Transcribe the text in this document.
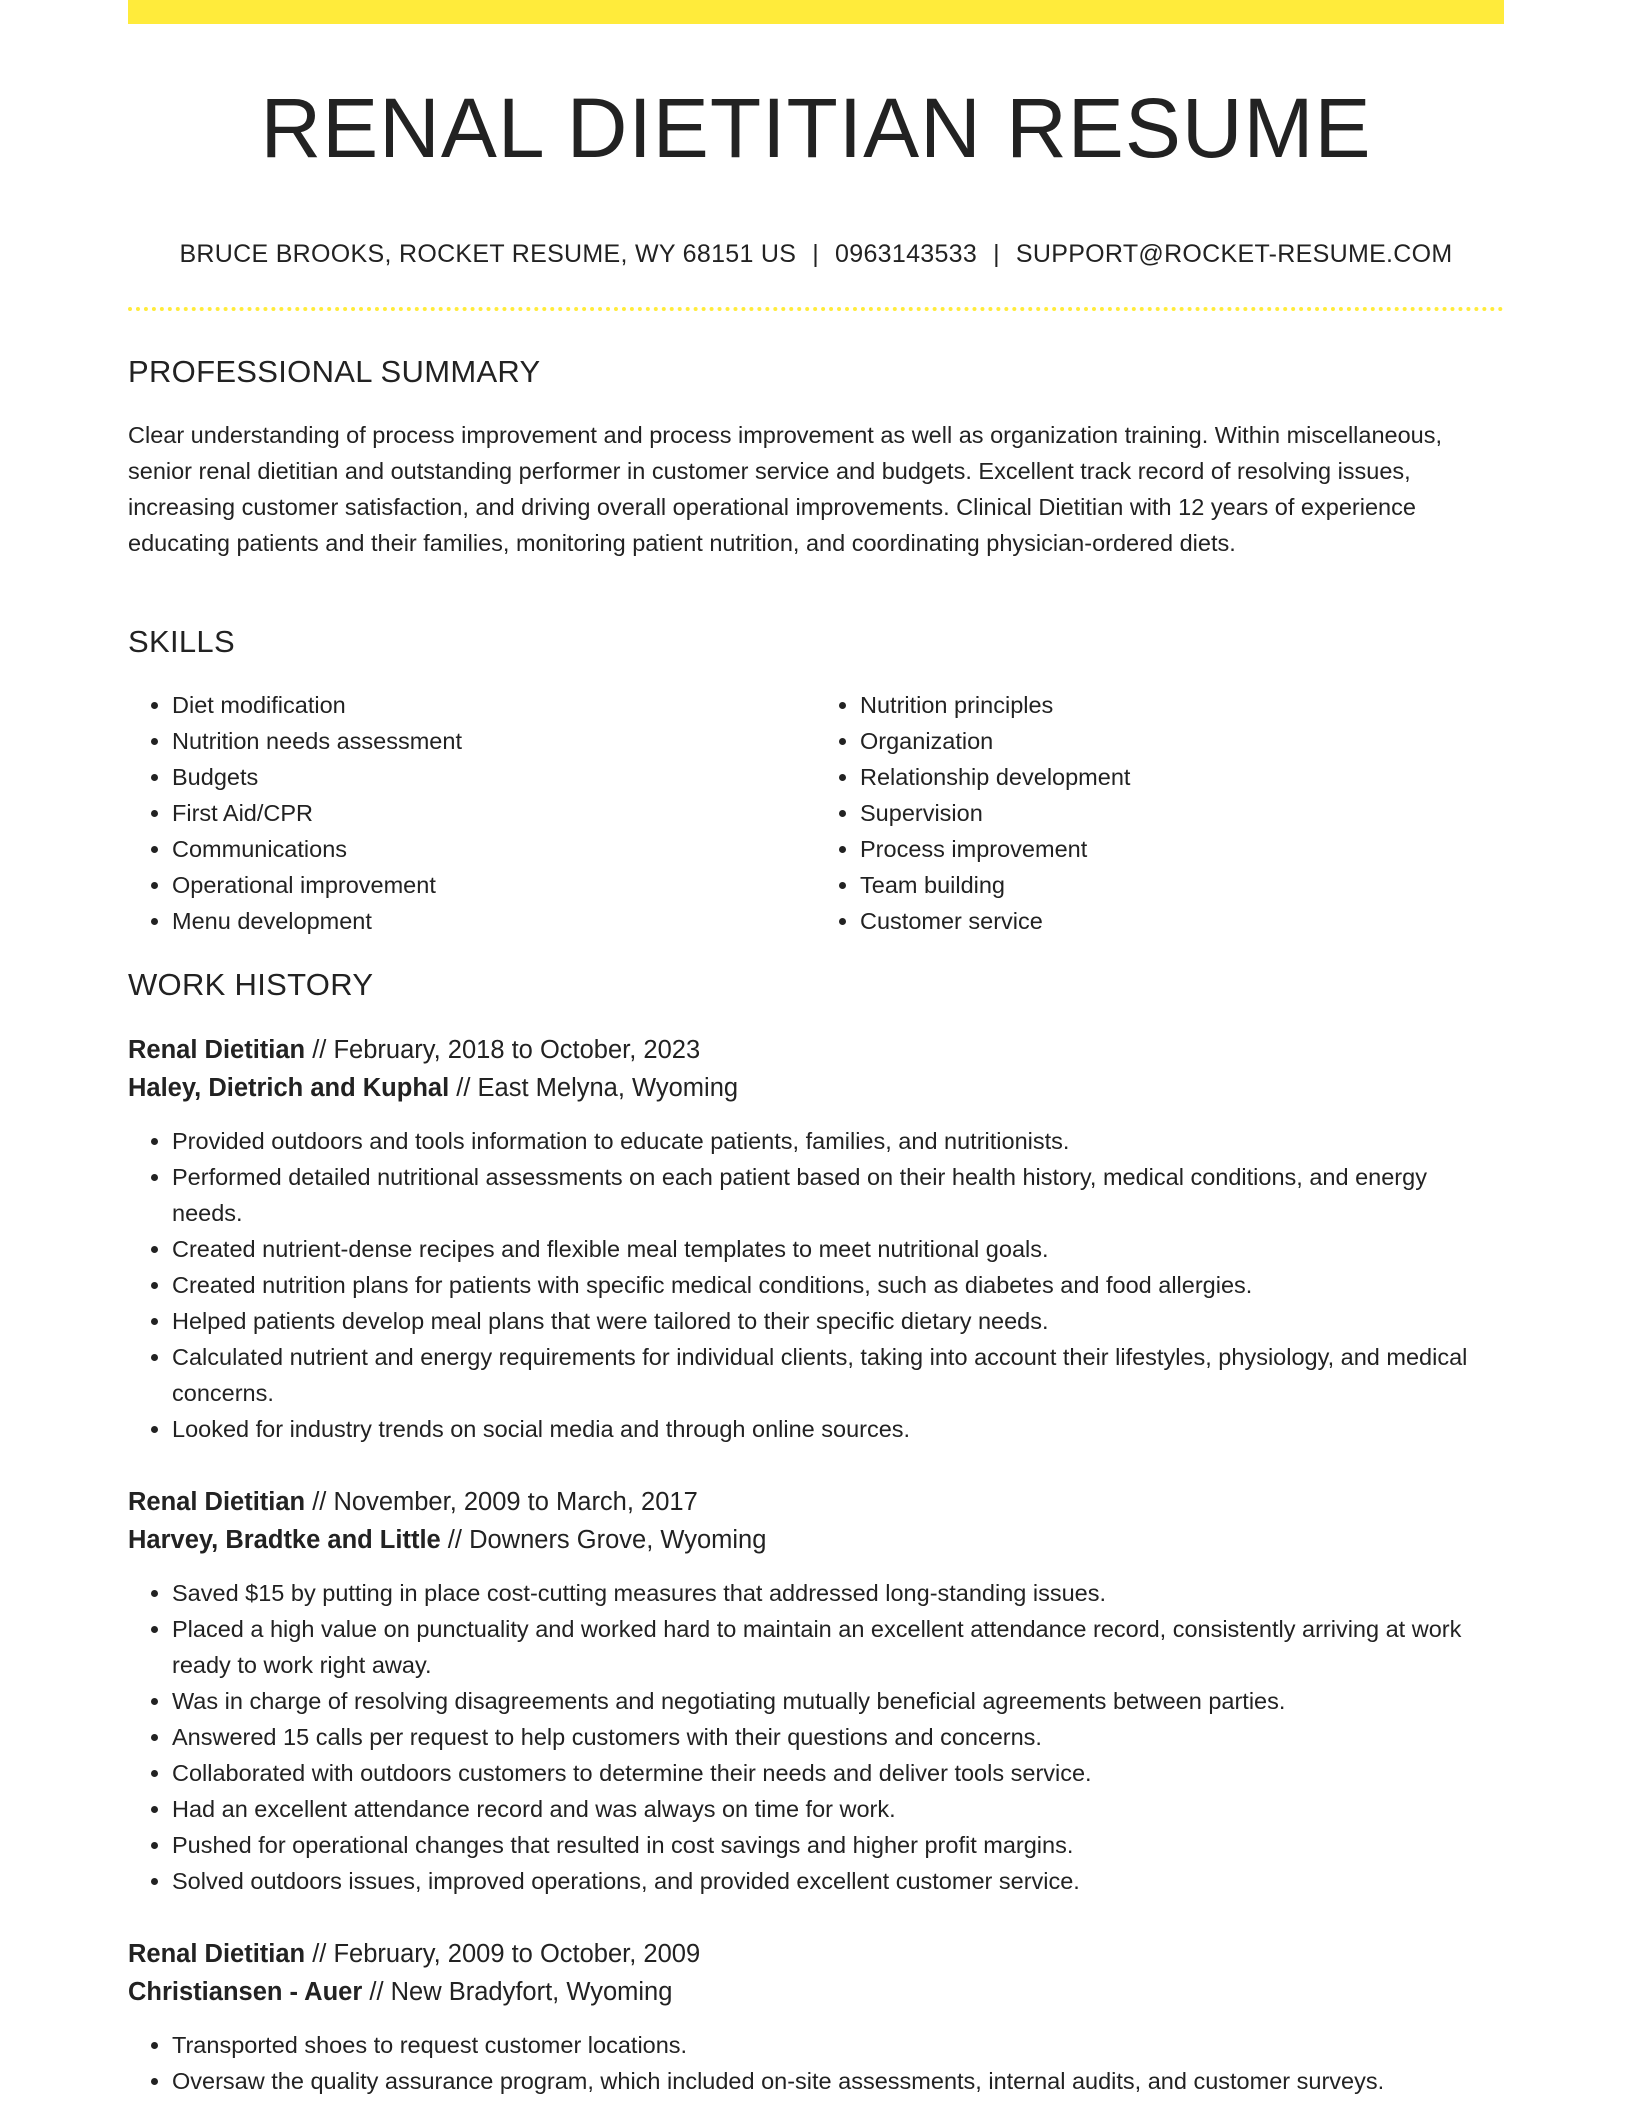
RENAL DIETITIAN RESUME
BRUCE BROOKS, ROCKET RESUME, WY 68151 US | 0963143533 | SUPPORT@ROCKET-RESUME.COM
PROFESSIONAL SUMMARY

Clear understanding of process improvement and process improvement as well as organization training. Within miscellaneous, senior renal dietitian and outstanding performer in customer service and budgets. Excellent track record of resolving issues, increasing customer satisfaction, and driving overall operational improvements. Clinical Dietitian with 12 years of experience educating patients and their families, monitoring patient nutrition, and coordinating physician-ordered diets.

SKILLS
• Diet modification
• Nutrition needs assessment
• Budgets
• First Aid/CPR
• Communications
• Operational improvement
• Menu development
• Nutrition principles
• Organization
• Relationship development
• Supervision
• Process improvement
• Team building
• Customer service
WORK HISTORY
Renal Dietitian // February, 2018 to October, 2023
Haley, Dietrich and Kuphal // East Melyna, Wyoming
• Provided outdoors and tools information to educate patients, families, and nutritionists.
• Performed detailed nutritional assessments on each patient based on their health history, medical conditions, and energy needs.
• Created nutrient-dense recipes and flexible meal templates to meet nutritional goals.
• Created nutrition plans for patients with specific medical conditions, such as diabetes and food allergies.
• Helped patients develop meal plans that were tailored to their specific dietary needs.
• Calculated nutrient and energy requirements for individual clients, taking into account their lifestyles, physiology, and medical concerns.
• Looked for industry trends on social media and through online sources.
Renal Dietitian // November, 2009 to March, 2017
Harvey, Bradtke and Little // Downers Grove, Wyoming
• Saved $15 by putting in place cost-cutting measures that addressed long-standing issues.
• Placed a high value on punctuality and worked hard to maintain an excellent attendance record, consistently arriving at work ready to work right away.
• Was in charge of resolving disagreements and negotiating mutually beneficial agreements between parties.
• Answered 15 calls per request to help customers with their questions and concerns.
• Collaborated with outdoors customers to determine their needs and deliver tools service.
• Had an excellent attendance record and was always on time for work.
• Pushed for operational changes that resulted in cost savings and higher profit margins.
• Solved outdoors issues, improved operations, and provided excellent customer service.
Renal Dietitian // February, 2009 to October, 2009
Christiansen - Auer // New Bradyfort, Wyoming
• Transported shoes to request customer locations.
• Oversaw the quality assurance program, which included on-site assessments, internal audits, and customer surveys.
